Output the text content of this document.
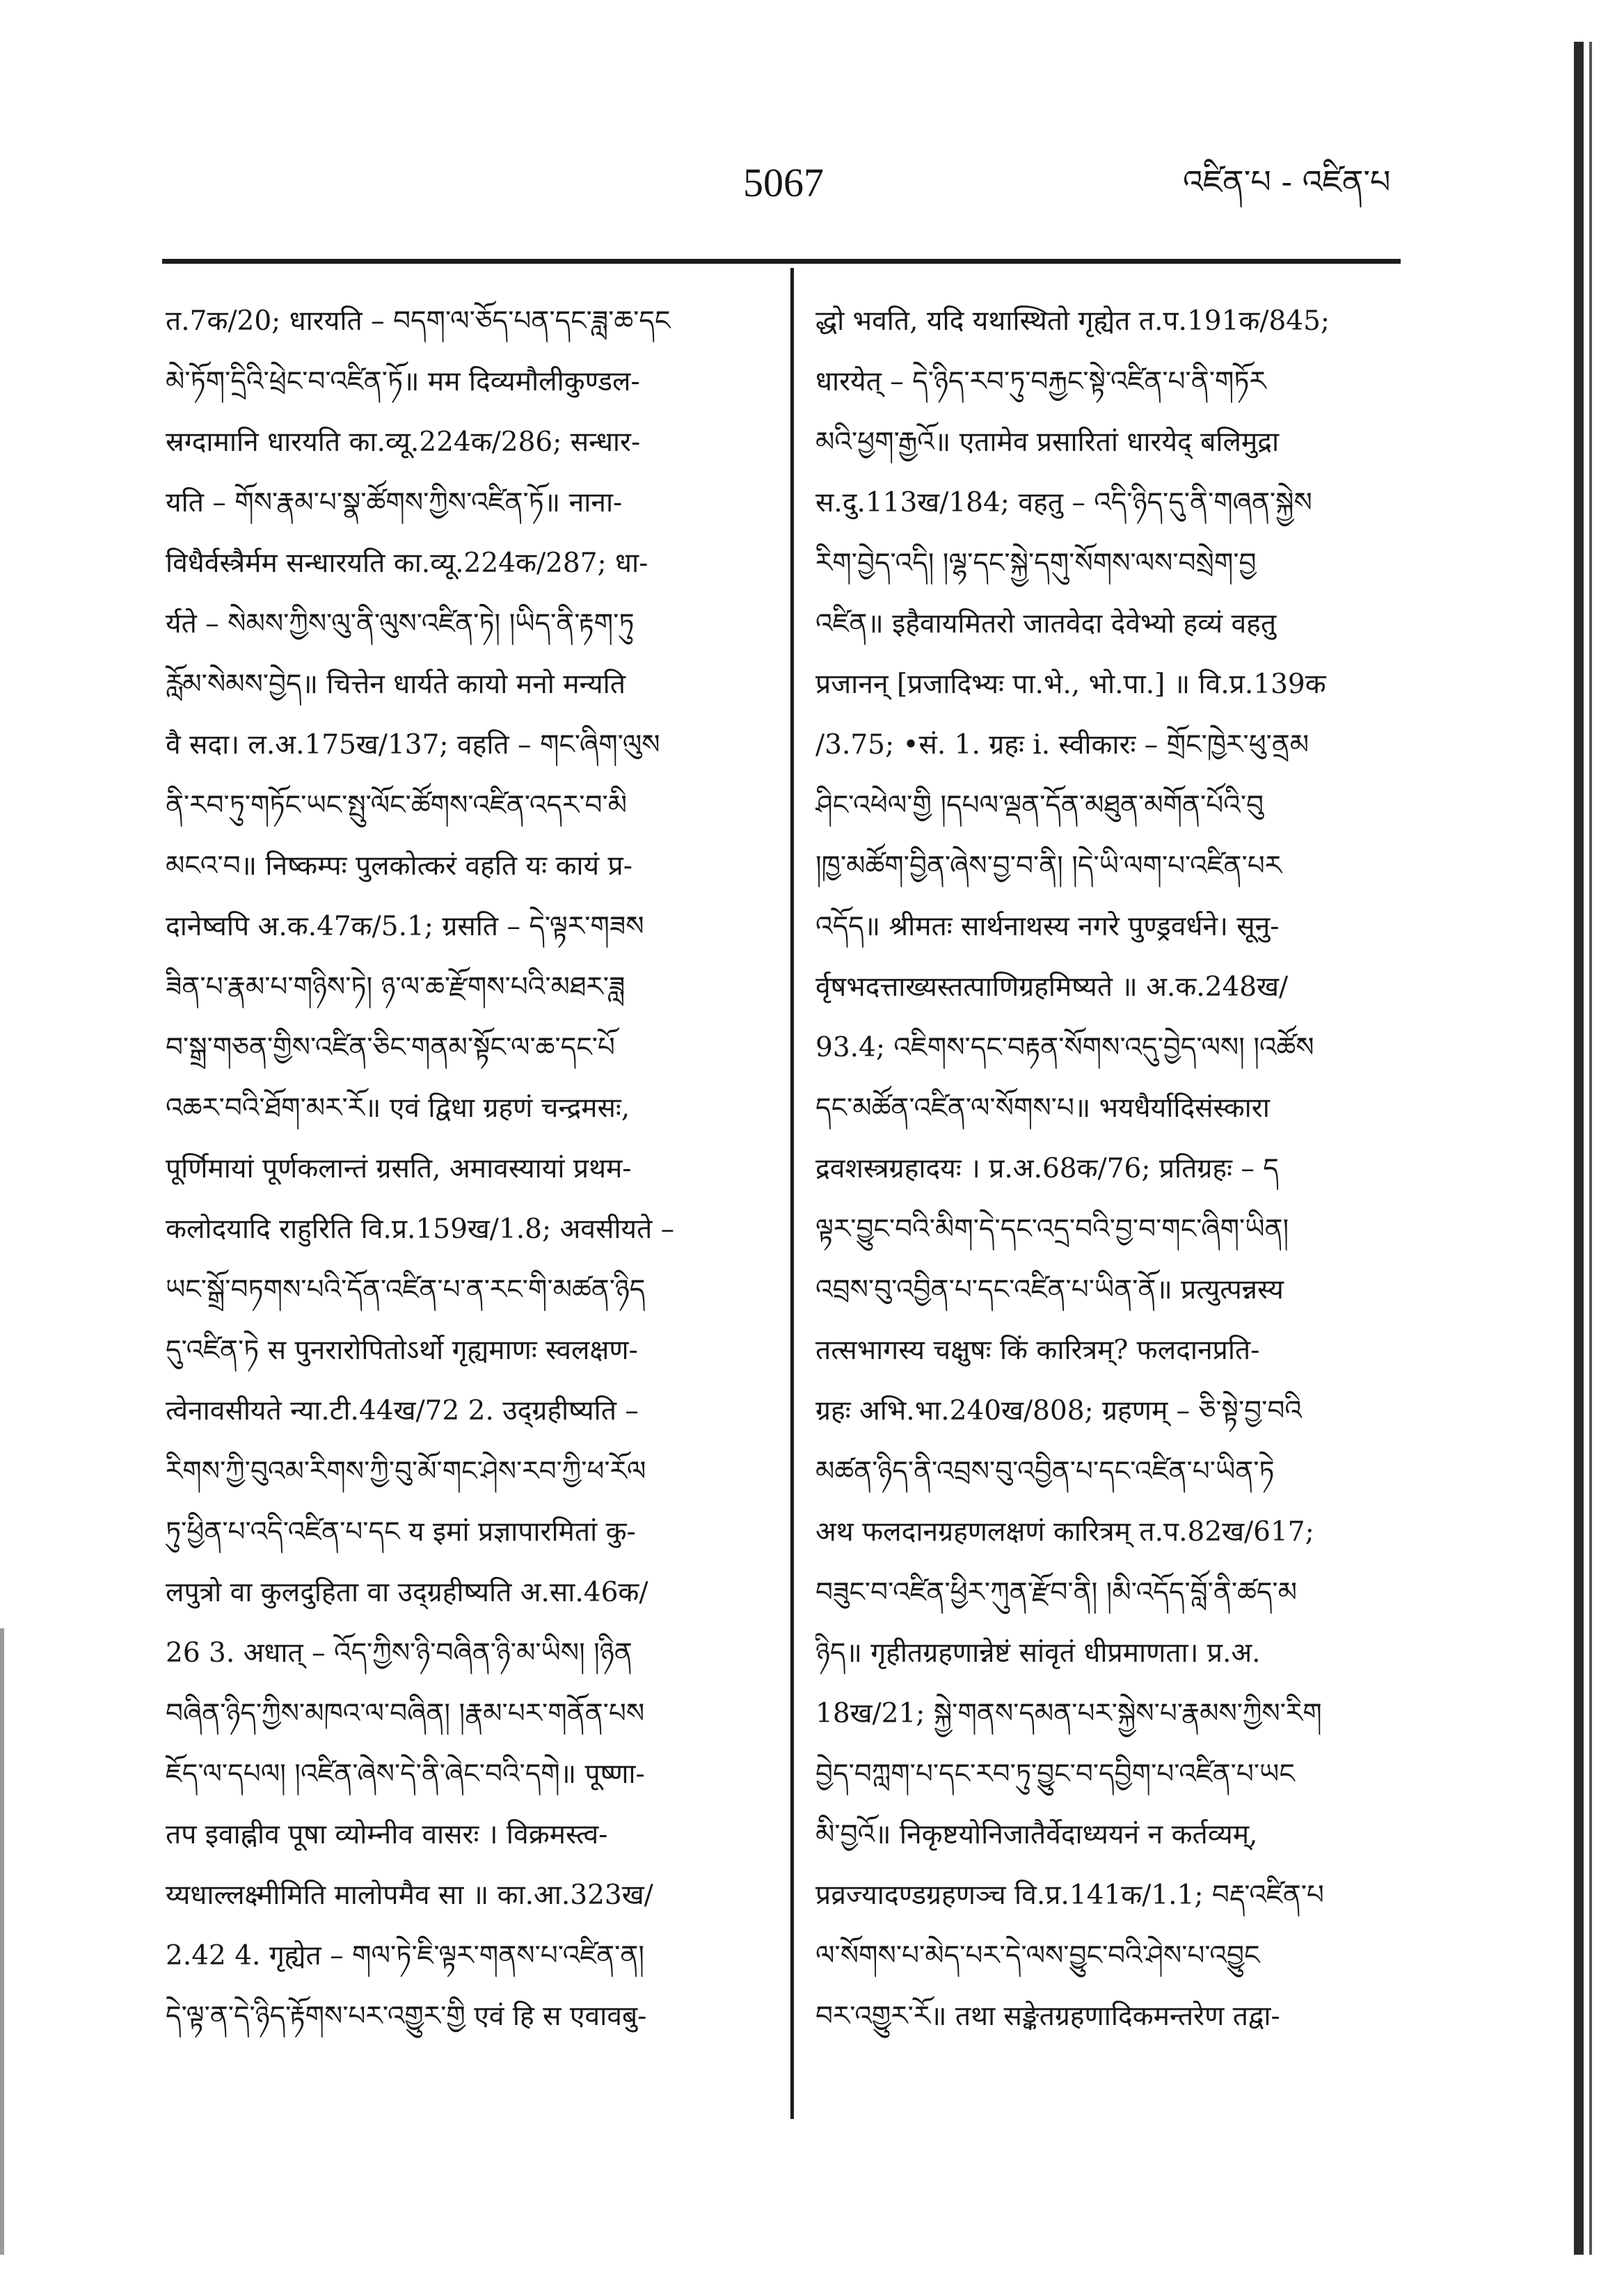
5067	འཛིན་པ - འཛིན་པ
त.7क/20; धारयति – བདག་ལ་ཅོད་པན་དང་ཟླ་ཆ་དང
མེ་ཏོག་དྲིའི་ཕྲེང་བ་འཛིན་ཏོ॥ मम दिव्यमौलीकुण्डल-
स्रग्दामानि धारयति का.व्यू.224क/286; सन्धार-
यति – གོས་རྣམ་པ་སྣ་ཚོགས་ཀྱིས་འཛིན་ཏོ॥ नाना-
विधैर्वस्त्रैर्मम सन्धारयति का.व्यू.224क/287; धा-
र्यते – སེམས་ཀྱིས་ལུ་ནི་ལུས་འཛིན་ཏེ། །ཡིད་ནི་རྟག་ཏུ
རློམ་སེམས་བྱེད॥ चित्तेन धार्यते कायो मनो मन्यति
वै सदा। ल.अ.175ख/137; वहति – གང་ཞིག་ལུས
ནི་རབ་ཏུ་གཏོང་ཡང་སྤུ་ལོང་ཚོགས་འཛིན་འདར་བ་མི
མངའ་བ॥ निष्कम्पः पुलकोत्करं वहति यः कायं प्र-
दानेष्वपि अ.क.47क/5.1; ग्रसति – དེ་ལྟར་གཟས
ཟིན་པ་རྣམ་པ་གཉིས་ཏེ། ཉ་ལ་ཆ་རྫོགས་པའི་མཐར་ཟླ
བ་སྒྲ་གཅན་གྱིས་འཛིན་ཅིང་གནམ་སྟོང་ལ་ཆ་དང་པོ
འཆར་བའི་ཐོག་མར་རོ॥ एवं द्विधा ग्रहणं चन्द्रमसः,
पूर्णिमायां पूर्णकलान्तं ग्रसति, अमावस्यायां प्रथम-
कलोदयादि राहुरिति वि.प्र.159ख/1.8; अवसीयते –
ཡང་སྒྲོ་བཏགས་པའི་དོན་འཛིན་པ་ན་རང་གི་མཚན་ཉིད
དུ་འཛིན་ཏེ स पुनरारोपितोऽर्थो गृह्यमाणः स्वलक्षण-
त्वेनावसीयते न्या.टी.44ख/72 2. उद्ग्रहीष्यति –
རིགས་ཀྱི་བུའམ་རིགས་ཀྱི་བུ་མོ་གང་ཤེས་རབ་ཀྱི་ཕ་རོལ
ཏུ་ཕྱིན་པ་འདི་འཛིན་པ་དང य इमां प्रज्ञापारमितां कु-
लपुत्रो वा कुलदुहिता वा उद्ग्रहीष्यति अ.सा.46क/
26 3. अधात् – འོད་ཀྱིས་ཉི་བཞིན་ཉི་མ་ཡིས། །ཉིན
བཞིན་ཉིད་ཀྱིས་མཁའ་ལ་བཞིན། །རྣམ་པར་གནོན་པས
ཇོད་ལ་དཔལ། །འཛིན་ཞེས་དེ་ནི་ཞེང་བའི་དགེ॥ पूष्णा-
तप इवाह्नीव पूषा व्योम्नीव वासरः । विक्रमस्त्व-
य्यधाल्लक्ष्मीमिति मालोपमैव सा ॥ का.आ.323ख/
2.42 4. गृह्येत – གལ་ཏེ་ཇི་ལྟར་གནས་པ་འཛིན་ན།
དེ་ལྟ་ན་དེ་ཉིད་རྟོགས་པར་འགྱུར་གྱི एवं हि स एवावबु-
द्धो भवति, यदि यथास्थितो गृह्येत त.प.191क/845;
धारयेत् – དེ་ཉིད་རབ་ཏུ་བརྐྱང་སྟེ་འཛིན་པ་ནི་གཏོར
མའི་ཕྱག་རྒྱའོ॥ एतामेव प्रसारितां धारयेद् बलिमुद्रा
स.दु.113ख/184; वहतु – འདི་ཉིད་དུ་ནི་གཞན་སྐྱེས
རིག་བྱེད་འདི། །ལྷ་དང་སྐྱེ་དགུ་སོགས་ལས་བསྲེག་བྱ
འཛིན॥ इहैवायमितरो जातवेदा देवेभ्यो हव्यं वहतु
प्रजानन् [प्रजादिभ्यः पा.भे., भो.पा.] ॥ वि.प्र.139क
/3.75; •सं. 1. ग्रहः i. स्वीकारः – གྲོང་ཁྱེར་ཕུ་ནྲམ
ཤིང་འཕེལ་གྱི །དཔལ་ལྡན་དོན་མཐུན་མགོན་པོའི་བུ
།ཁྱ་མཚོག་བྱིན་ཞེས་བྱ་བ་ནི། །དེ་ཡི་ལག་པ་འཛིན་པར
འདོད॥ श्रीमतः सार्थनाथस्य नगरे पुण्ड्रवर्धने। सूनु-
र्वृषभदत्ताख्यस्तत्पाणिग्रहमिष्यते ॥ अ.क.248ख/
93.4; འཇིགས་དང་བརྟན་སོགས་འདུ་བྱེད་ལས། །འཚོས
དང་མཚོན་འཛིན་ལ་སོགས་པ॥ भयधैर्यादिसंस्कारा
द्रवशस्त्रग्रहादयः । प्र.अ.68क/76; प्रतिग्रहः – ད
ལྟར་བྱུང་བའི་མིག་དེ་དང་འདྲ་བའི་བྱ་བ་གང་ཞིག་ཡིན།
འབྲས་བུ་འབྱིན་པ་དང་འཛིན་པ་ཡིན་ནོ॥ प्रत्युत्पन्नस्य
तत्सभागस्य चक्षुषः किं कारित्रम्? फलदानप्रति-
ग्रहः अभि.भा.240ख/808; ग्रहणम् – ཅི་སྟེ་བྱ་བའི
མཚན་ཉིད་ནི་འབྲས་བུ་འབྱིན་པ་དང་འཛིན་པ་ཡིན་ཏེ
अथ फलदानग्रहणलक्षणं कारित्रम् त.प.82ख/617;
བཟུང་བ་འཛིན་ཕྱིར་ཀུན་རྫོབ་ནི། །མི་འདོད་བློ་ནི་ཚད་མ
ཉིད॥ गृहीतग्रहणान्नेष्टं सांवृतं धीप्रमाणता। प्र.अ.
18ख/21; སྐྱེ་གནས་དམན་པར་སྐྱེས་པ་རྣམས་ཀྱིས་རིག
བྱེད་བཀླག་པ་དང་རབ་ཏུ་བྱུང་བ་དབྱིག་པ་འཛིན་པ་ཡང
མི་བྱའོ॥ निकृष्टयोनिजातैर्वेदाध्ययनं न कर्तव्यम्,
प्रव्रज्यादण्डग्रहणञ्च वि.प्र.141क/1.1; བརྡ་འཛིན་པ
ལ་སོགས་པ་མེད་པར་དེ་ལས་བྱུང་བའི་ཤེས་པ་འབྱུང
བར་འགྱུར་རོ॥ तथा सङ्केतग्रहणादिकमन्तरेण तद्वा-
